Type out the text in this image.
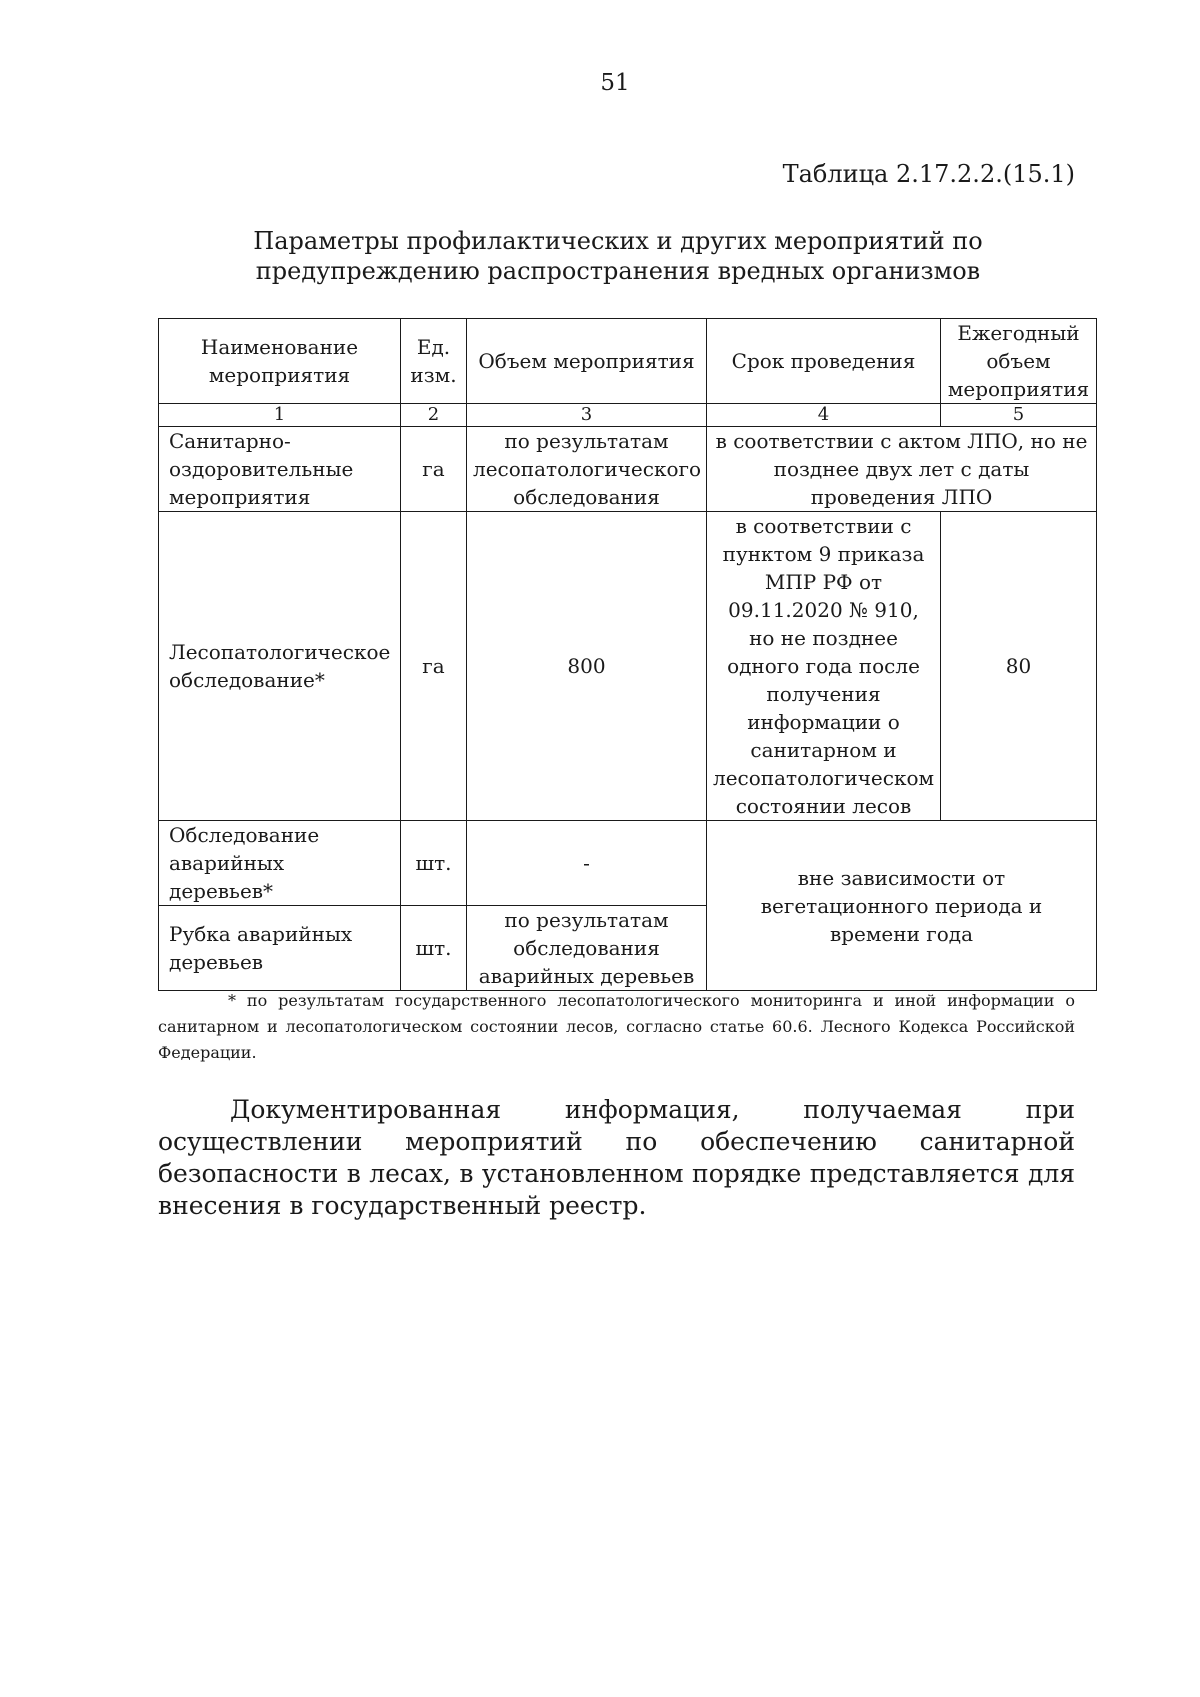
51
Таблица 2.17.2.2.(15.1)
Параметры профилактических и других мероприятий по предупреждению распространения вредных организмов
Наименование мероприятия	Ед. изм.	Объем мероприятия	Срок проведения	Ежегодный объем мероприятия
1	2	3	4	5
Санитарно-оздоровительные мероприятия	га	по результатам лесопатологического обследования	в соответствии с актом ЛПО, но не позднее двух лет с даты проведения ЛПО	
Лесопатологическое обследование*	га	800	в соответствии с пунктом 9 приказа МПР РФ от 09.11.2020 № 910, но не позднее одного года после получения информации о санитарном и лесопатологическом состоянии лесов	80
Обследование аварийных деревьев*	шт.	-	вне зависимости от вегетационного периода и времени года	
Рубка аварийных деревьев	шт.	по результатам обследования аварийных деревьев		
* по результатам государственного лесопатологического мониторинга и иной информации о санитарном и лесопатологическом состоянии лесов, согласно статье 60.6. Лесного Кодекса Российской Федерации.
Документированная информация, получаемая при осуществлении мероприятий по обеспечению санитарной безопасности в лесах, в установленном порядке представляется для внесения в государственный реестр.
